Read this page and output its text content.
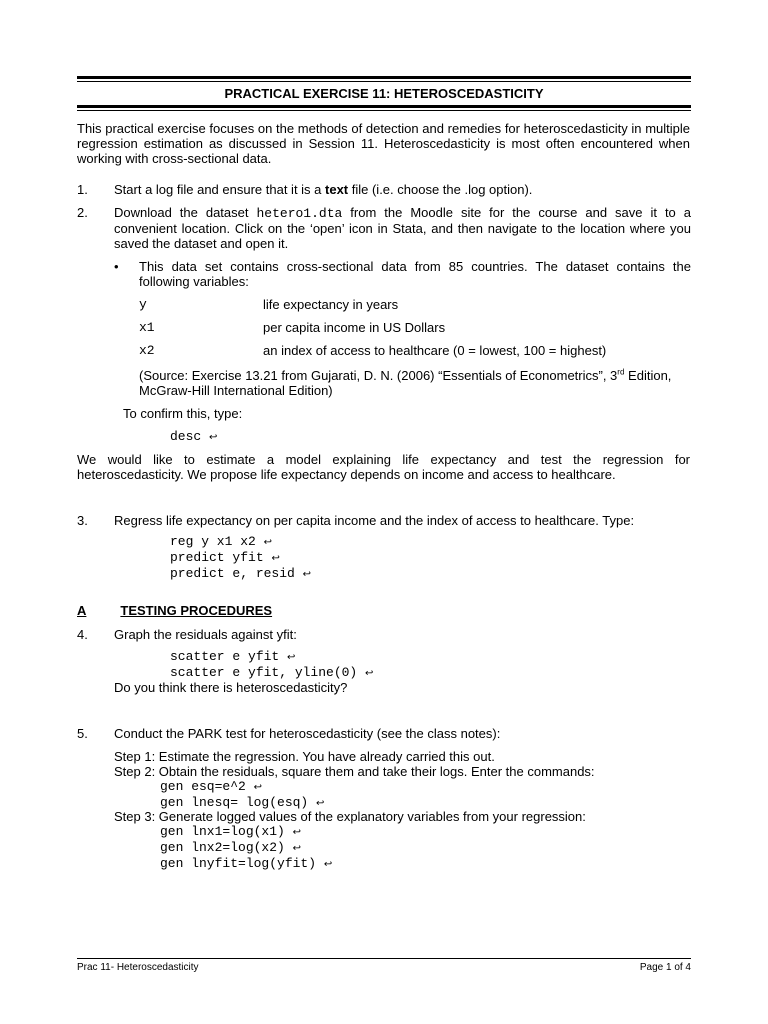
PRACTICAL EXERCISE 11: HETEROSCEDASTICITY

This practical exercise focuses on the methods of detection and remedies for heteroscedasticity in multiple regression estimation as discussed in Session 11. Heteroscedasticity is most often encountered when working with cross-sectional data.

1. Start a log file and ensure that it is a text file (i.e. choose the .log option).

2. Download the dataset hetero1.dta from the Moodle site for the course and save it to a convenient location. Click on the ‘open’ icon in Stata, and then navigate to the location where you saved the dataset and open it.

• This data set contains cross-sectional data from 85 countries. The dataset contains the following variables:

y	life expectancy in years
x1	per capita income in US Dollars
x2	an index of access to healthcare (0 = lowest, 100 = highest)

(Source: Exercise 13.21 from Gujarati, D. N. (2006) “Essentials of Econometrics”, 3rd Edition, McGraw-Hill International Edition)

To confirm this, type:

desc ↩

We would like to estimate a model explaining life expectancy and test the regression for heteroscedasticity. We propose life expectancy depends on income and access to healthcare.

3. Regress life expectancy on per capita income and the index of access to healthcare. Type:

reg y x1 x2 ↩
predict yfit ↩
predict e, resid ↩
A	TESTING PROCEDURES
4. Graph the residuals against yfit:

scatter e yfit ↩
scatter e yfit, yline(0) ↩

Do you think there is heteroscedasticity?

5. Conduct the PARK test for heteroscedasticity (see the class notes):

Step 1: Estimate the regression. You have already carried this out.

Step 2: Obtain the residuals, square them and take their logs. Enter the commands:

gen esq=e^2 ↩
gen lnesq= log(esq) ↩

Step 3: Generate logged values of the explanatory variables from your regression:

gen lnx1=log(x1) ↩
gen lnx2=log(x2) ↩
gen lnyfit=log(yfit) ↩
Prac 11- Heteroscedasticity	Page 1 of 4
